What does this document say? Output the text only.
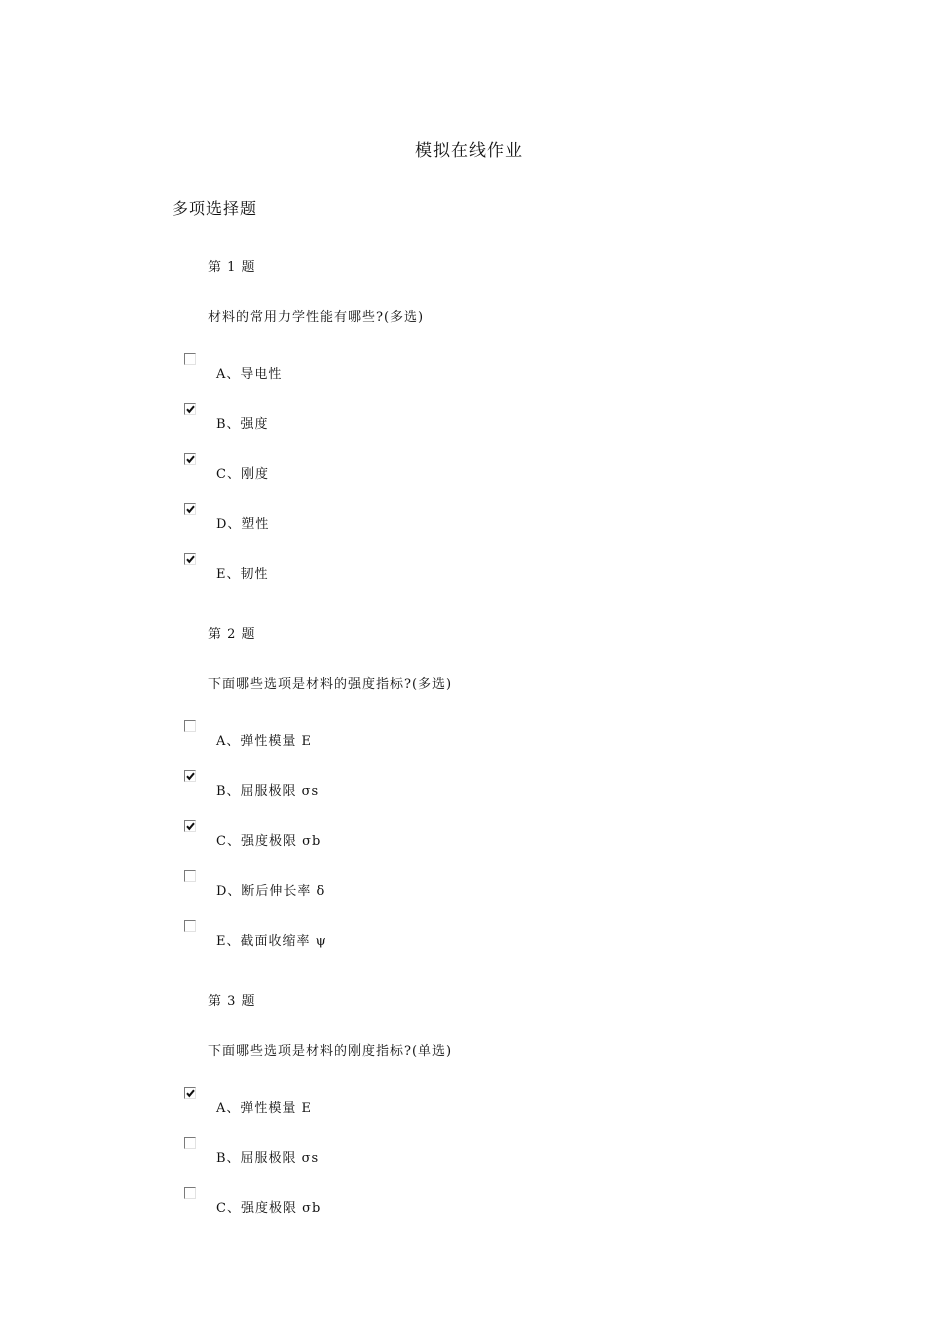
模拟在线作业
多项选择题
第 1 题
材料的常用力学性能有哪些?(多选)
A、导电性
B、强度
C、刚度
D、塑性
E、韧性
第 2 题
下面哪些选项是材料的强度指标?(多选)
A、弹性模量 E
B、屈服极限 σs
C、强度极限 σb
D、断后伸长率 δ
E、截面收缩率 ψ
第 3 题
下面哪些选项是材料的刚度指标?(单选)
A、弹性模量 E
B、屈服极限 σs
C、强度极限 σb
